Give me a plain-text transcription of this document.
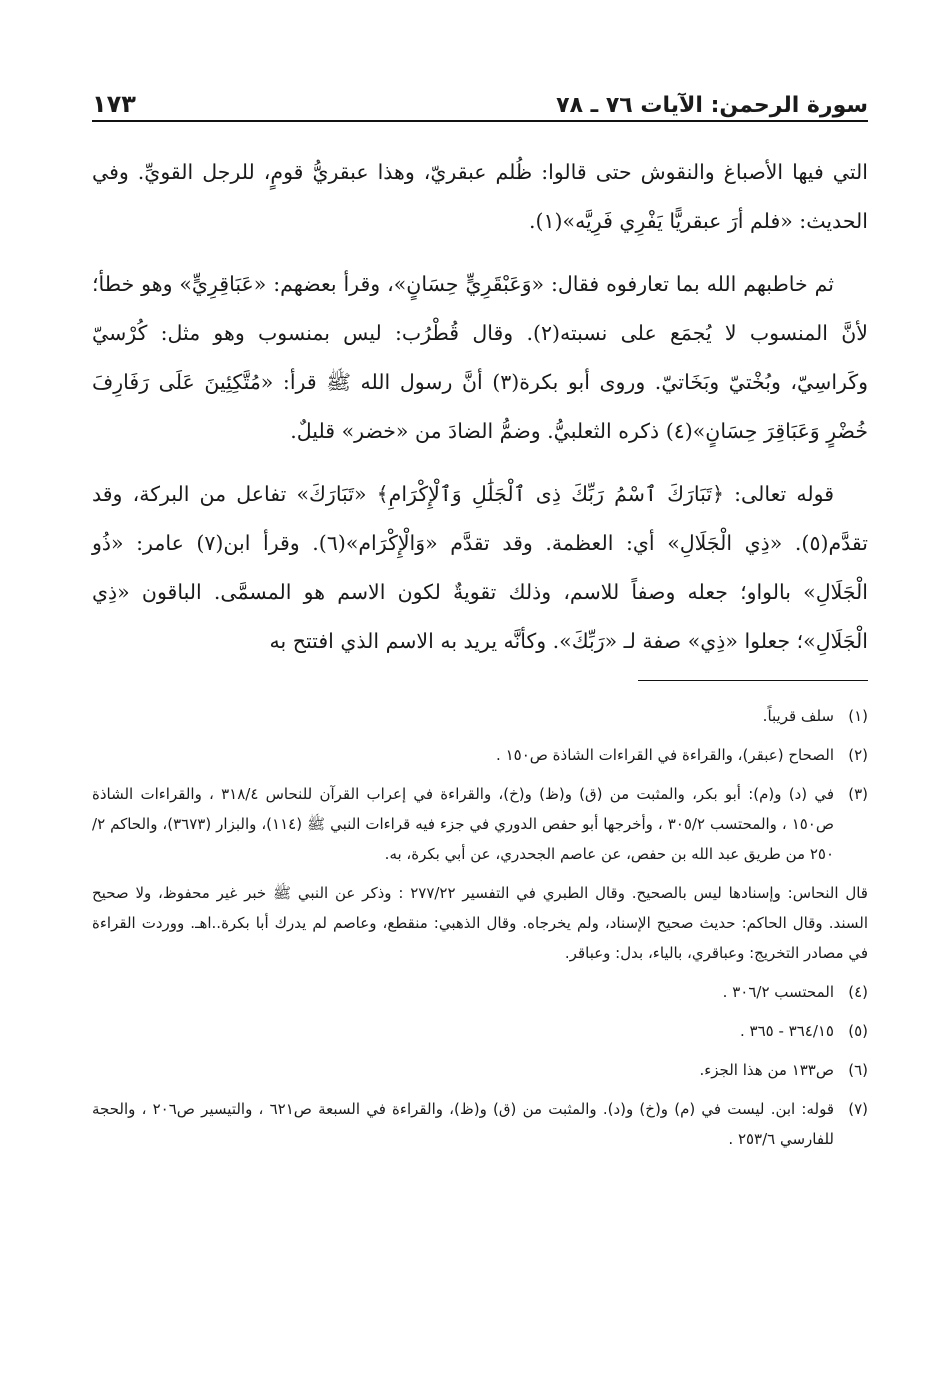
سورة الرحمن: الآيات ٧٦ ـ ٧٨
١٧٣

التي فيها الأصباغ والنقوش حتى قالوا: ظُلم عبقريّ، وهذا عبقريُّ قومٍ، للرجل القويِّ. وفي الحديث: «فلم أرَ عبقريًّا يَفْرِي فَرِيَّه»(١).

ثم خاطبهم الله بما تعارفوه فقال: «وَعَبْقَرِيٍّ حِسَانٍ»، وقرأ بعضهم: «عَبَاقِرِيٍّ» وهو خطأ؛ لأنَّ المنسوب لا يُجمَع على نسبته(٢). وقال قُطْرُب: ليس بمنسوب وهو مثل: كُرْسيّ وكَراسِيّ، وبُخْتيّ وبَخَاتيّ. وروى أبو بكرة(٣) أنَّ رسول الله ﷺ قرأ: «مُتَّكِئِينَ عَلَى رَفَارِفَ خُضْرٍ وَعَبَاقِرَ حِسَانٍ»(٤) ذكره الثعلبيُّ. وضمُّ الضادَ من «خضر» قليلٌ.

قوله تعالى: ﴿تَبَارَكَ ٱسْمُ رَبِّكَ ذِى ٱلْجَلَٰلِ وَٱلْإِكْرَامِ﴾ «تَبَارَكَ» تفاعل من البركة، وقد تقدَّم(٥). «ذِي الْجَلَالِ» أي: العظمة. وقد تقدَّم «وَالْإِكْرَام»(٦). وقرأ ابن(٧) عامر: «ذُو الْجَلَالِ» بالواو؛ جعله وصفاً للاسم، وذلك تقويةٌ لكون الاسم هو المسمَّى. الباقون «ذِي الْجَلَالِ»؛ جعلوا «ذِي» صفة لـ «رَبِّكَ». وكأنَّه يريد به الاسم الذي افتتح به

(١)
سلف قريباً.
(٢)
الصحاح (عبقر)، والقراءة في القراءات الشاذة ص١٥٠ .
(٣)
في (د) و(م): أبو بكر، والمثبت من (ق) و(ظ) و(خ)، والقراءة في إعراب القرآن للنحاس ٣١٨/٤ ، والقراءات الشاذة ص١٥٠ ، والمحتسب ٣٠٥/٢ ، وأخرجها أبو حفص الدوري في جزء فيه قراءات النبي ﷺ (١١٤)، والبزار (٣٦٧٣)، والحاكم ٢/ ٢٥٠ من طريق عبد الله بن حفص، عن عاصم الجحدري، عن أبي بكرة، به.

قال النحاس: وإسنادها ليس بالصحيح. وقال الطبري في التفسير ٢٧٧/٢٢ : وذكر عن النبي ﷺ خبر غير محفوظ، ولا صحيح السند. وقال الحاكم: حديث صحيح الإسناد، ولم يخرجاه. وقال الذهبي: منقطع، وعاصم لم يدرك أبا بكرة..اهـ. ووردت القراءة في مصادر التخريج: وعباقري، بالياء، بدل: وعباقر.

(٤)
المحتسب ٣٠٦/٢ .
(٥)
٣٦٤/١٥ - ٣٦٥ .
(٦)
ص١٣٣ من هذا الجزء.
(٧)
قوله: ابن. ليست في (م) و(خ) و(د). والمثبت من (ق) و(ظ)، والقراءة في السبعة ص٦٢١ ، والتيسير ص٢٠٦ ، والحجة للفارسي ٢٥٣/٦ .
